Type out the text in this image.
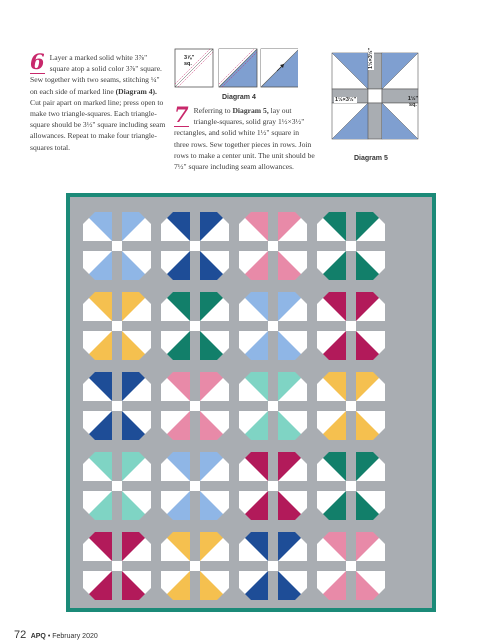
6 Layer a marked solid white 3⅞" square atop a solid color 3⅞" square. Sew together with two seams, stitching ¼" on each side of marked line (Diagram 4). Cut pair apart on marked line; press open to make two triangle-squares. Each triangle-square should be 3½" square including seam allowances. Repeat to make four triangle-squares total.
3⅞" sq.
Diagram 4
7 Referring to Diagram 5, lay out triangle-squares, solid gray 1½×3½" rectangles, and solid white 1½" square in three rows. Sew together pieces in rows. Join rows to make a center unit. The unit should be 7½" square including seam allowances.
1½×3½"
1½×3½"	1½" sq.
Diagram 5
72 APQ • February 2020
